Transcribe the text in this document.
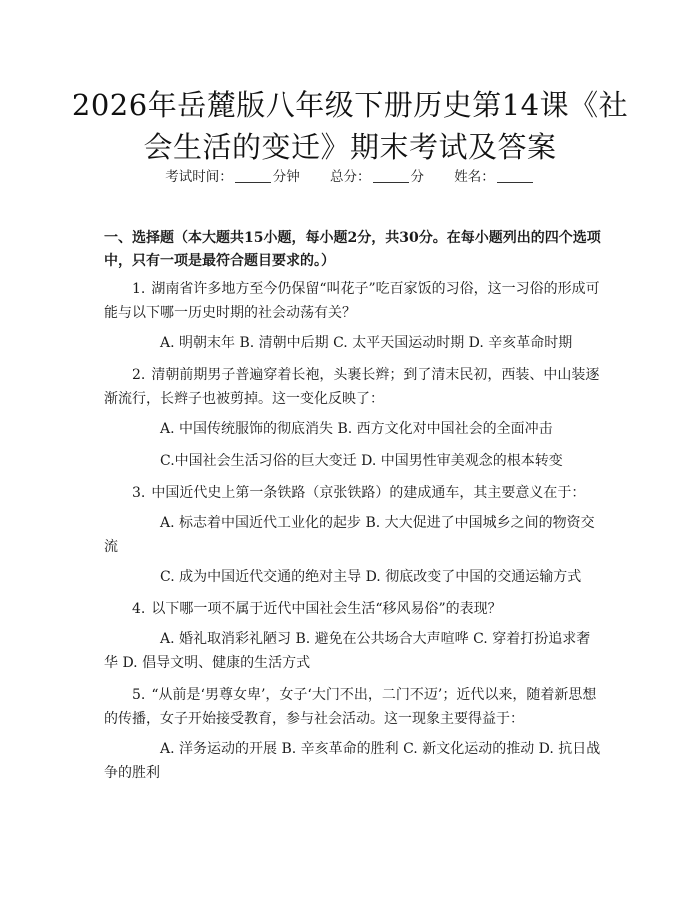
2026年岳麓版八年级下册历史第14课《社会生活的变迁》期末考试及答案
考试时间：	分钟 总分：	分 姓名：
一、选择题（本大题共15小题，每小题2分，共30分。在每小题列出的四个选项中，只有一项是最符合题目要求的。）

1. 湖南省许多地方至今仍保留“叫花子”吃百家饭的习俗，这一习俗的形成可能与以下哪一历史时期的社会动荡有关？

A. 明朝末年 B. 清朝中后期 C. 太平天国运动时期 D. 辛亥革命时期

2. 清朝前期男子普遍穿着长袍，头裹长辫；到了清末民初，西装、中山装逐渐流行，长辫子也被剪掉。这一变化反映了：

A. 中国传统服饰的彻底消失 B. 西方文化对中国社会的全面冲击

C.中国社会生活习俗的巨大变迁 D. 中国男性审美观念的根本转变

3. 中国近代史上第一条铁路（京张铁路）的建成通车，其主要意义在于：

A. 标志着中国近代工业化的起步 B. 大大促进了中国城乡之间的物资交流

C. 成为中国近代交通的绝对主导 D. 彻底改变了中国的交通运输方式

4. 以下哪一项不属于近代中国社会生活“移风易俗”的表现？

A. 婚礼取消彩礼陋习 B. 避免在公共场合大声喧哗 C. 穿着打扮追求奢华 D. 倡导文明、健康的生活方式

5. “从前是‘男尊女卑’，女子‘大门不出，二门不迈’；近代以来，随着新思想的传播，女子开始接受教育，参与社会活动。这一现象主要得益于：

A. 洋务运动的开展 B. 辛亥革命的胜利 C. 新文化运动的推动 D. 抗日战争的胜利
